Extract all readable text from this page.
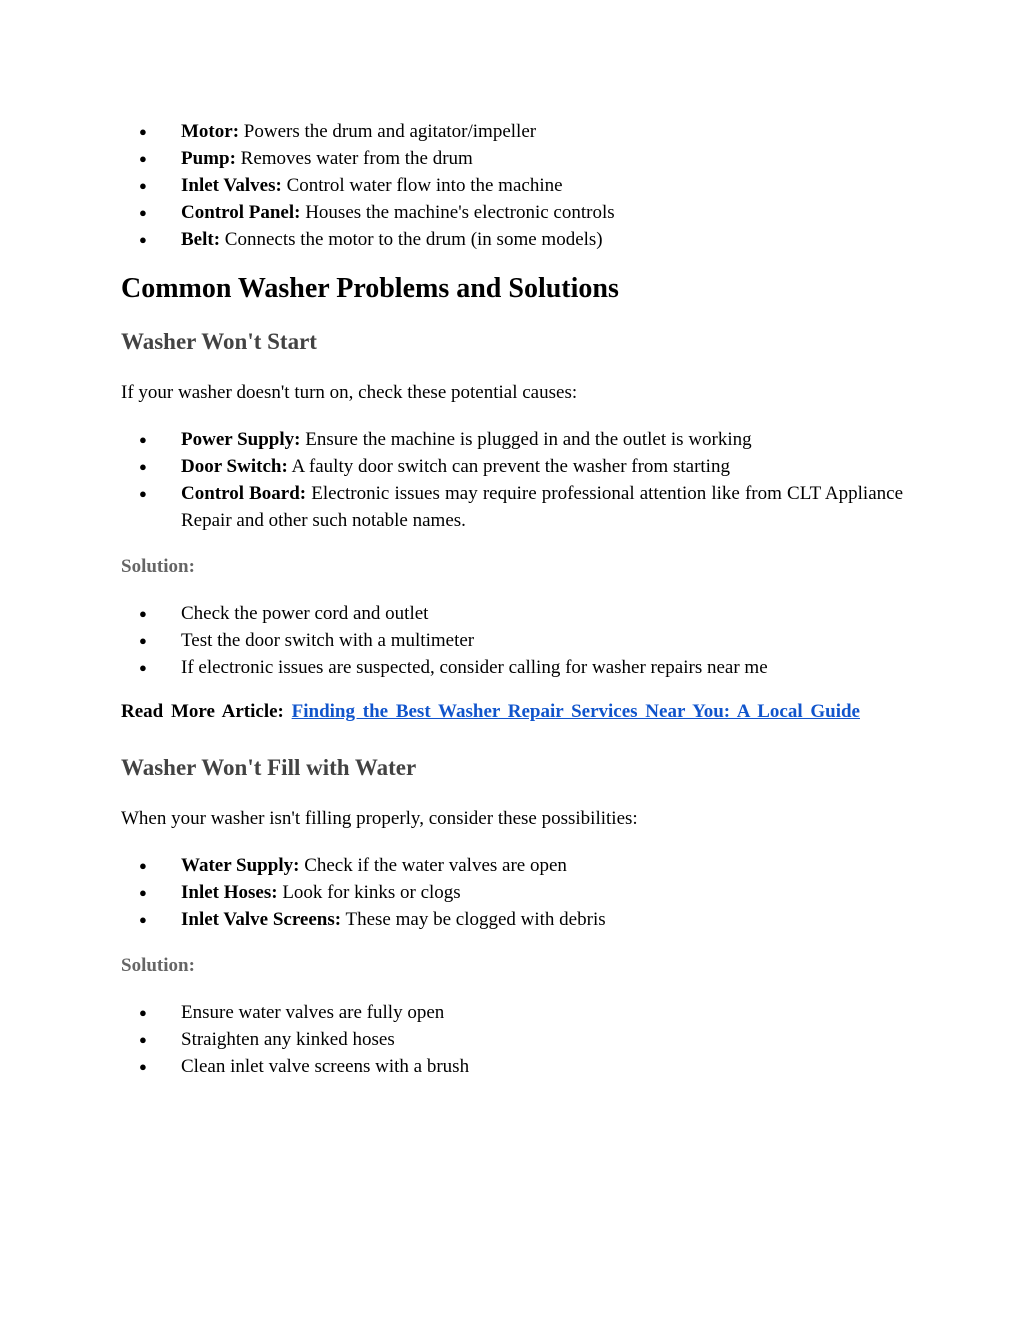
● Motor: Powers the drum and agitator/impeller
● Pump: Removes water from the drum
● Inlet Valves: Control water flow into the machine
● Control Panel: Houses the machine's electronic controls
● Belt: Connects the motor to the drum (in some models)
Common Washer Problems and Solutions
Washer Won't Start

If your washer doesn't turn on, check these potential causes:

● Power Supply: Ensure the machine is plugged in and the outlet is working
● Door Switch: A faulty door switch can prevent the washer from starting
● Control Board: Electronic issues may require professional attention like from CLT Appliance Repair and other such notable names.
Solution:
● Check the power cord and outlet
● Test the door switch with a multimeter
● If electronic issues are suspected, consider calling for washer repairs near me

Read More Article: Finding the Best Washer Repair Services Near You: A Local Guide

Washer Won't Fill with Water

When your washer isn't filling properly, consider these possibilities:

● Water Supply: Check if the water valves are open
● Inlet Hoses: Look for kinks or clogs
● Inlet Valve Screens: These may be clogged with debris
Solution:
● Ensure water valves are fully open
● Straighten any kinked hoses
● Clean inlet valve screens with a brush
